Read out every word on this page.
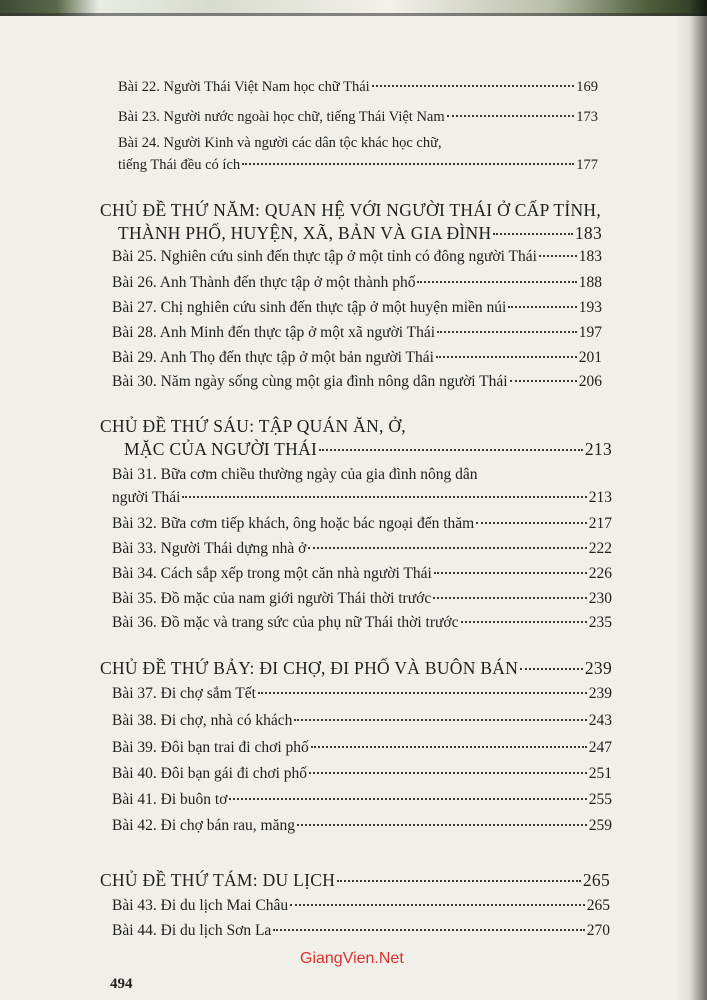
Bài 22. Người Thái Việt Nam học chữ Thái	169
Bài 23. Người nước ngoài học chữ, tiếng Thái Việt Nam	173
Bài 24. Người Kinh và người các dân tộc khác học chữ,
tiếng Thái đều có ích	177
CHỦ ĐỀ THỨ NĂM: QUAN HỆ VỚI NGƯỜI THÁI Ở CẤP TỈNH,
THÀNH PHỐ, HUYỆN, XÃ, BẢN VÀ GIA ĐÌNH	183
Bài 25. Nghiên cứu sinh đến thực tập ở một tỉnh có đông người Thái	183
Bài 26. Anh Thành đến thực tập ở một thành phố	188
Bài 27. Chị nghiên cứu sinh đến thực tập ở một huyện miền núi	193
Bài 28. Anh Minh đến thực tập ở một xã người Thái	197
Bài 29. Anh Thọ đến thực tập ở một bản người Thái	201
Bài 30. Năm ngày sống cùng một gia đình nông dân người Thái	206
CHỦ ĐỀ THỨ SÁU: TẬP QUÁN ĂN, Ở,
MẶC CỦA NGƯỜI THÁI	213
Bài 31. Bữa cơm chiều thường ngày của gia đình nông dân
người Thái	213
Bài 32. Bữa cơm tiếp khách, ông hoặc bác ngoại đến thăm	217
Bài 33. Người Thái dựng nhà ở	222
Bài 34. Cách sắp xếp trong một căn nhà người Thái	226
Bài 35. Đồ mặc của nam giới người Thái thời trước	230
Bài 36. Đồ mặc và trang sức của phụ nữ Thái thời trước	235
CHỦ ĐỀ THỨ BẢY: ĐI CHỢ, ĐI PHỐ VÀ BUÔN BÁN	239
Bài 37. Đi chợ sắm Tết	239
Bài 38. Đi chợ, nhà có khách	243
Bài 39. Đôi bạn trai đi chơi phố	247
Bài 40. Đôi bạn gái đi chơi phố	251
Bài 41. Đi buôn tơ	255
Bài 42. Đi chợ bán rau, măng	259
CHỦ ĐỀ THỨ TÁM: DU LỊCH	265
Bài 43. Đi du lịch Mai Châu	265
Bài 44. Đi du lịch Sơn La	270
GiangVien.Net
494
